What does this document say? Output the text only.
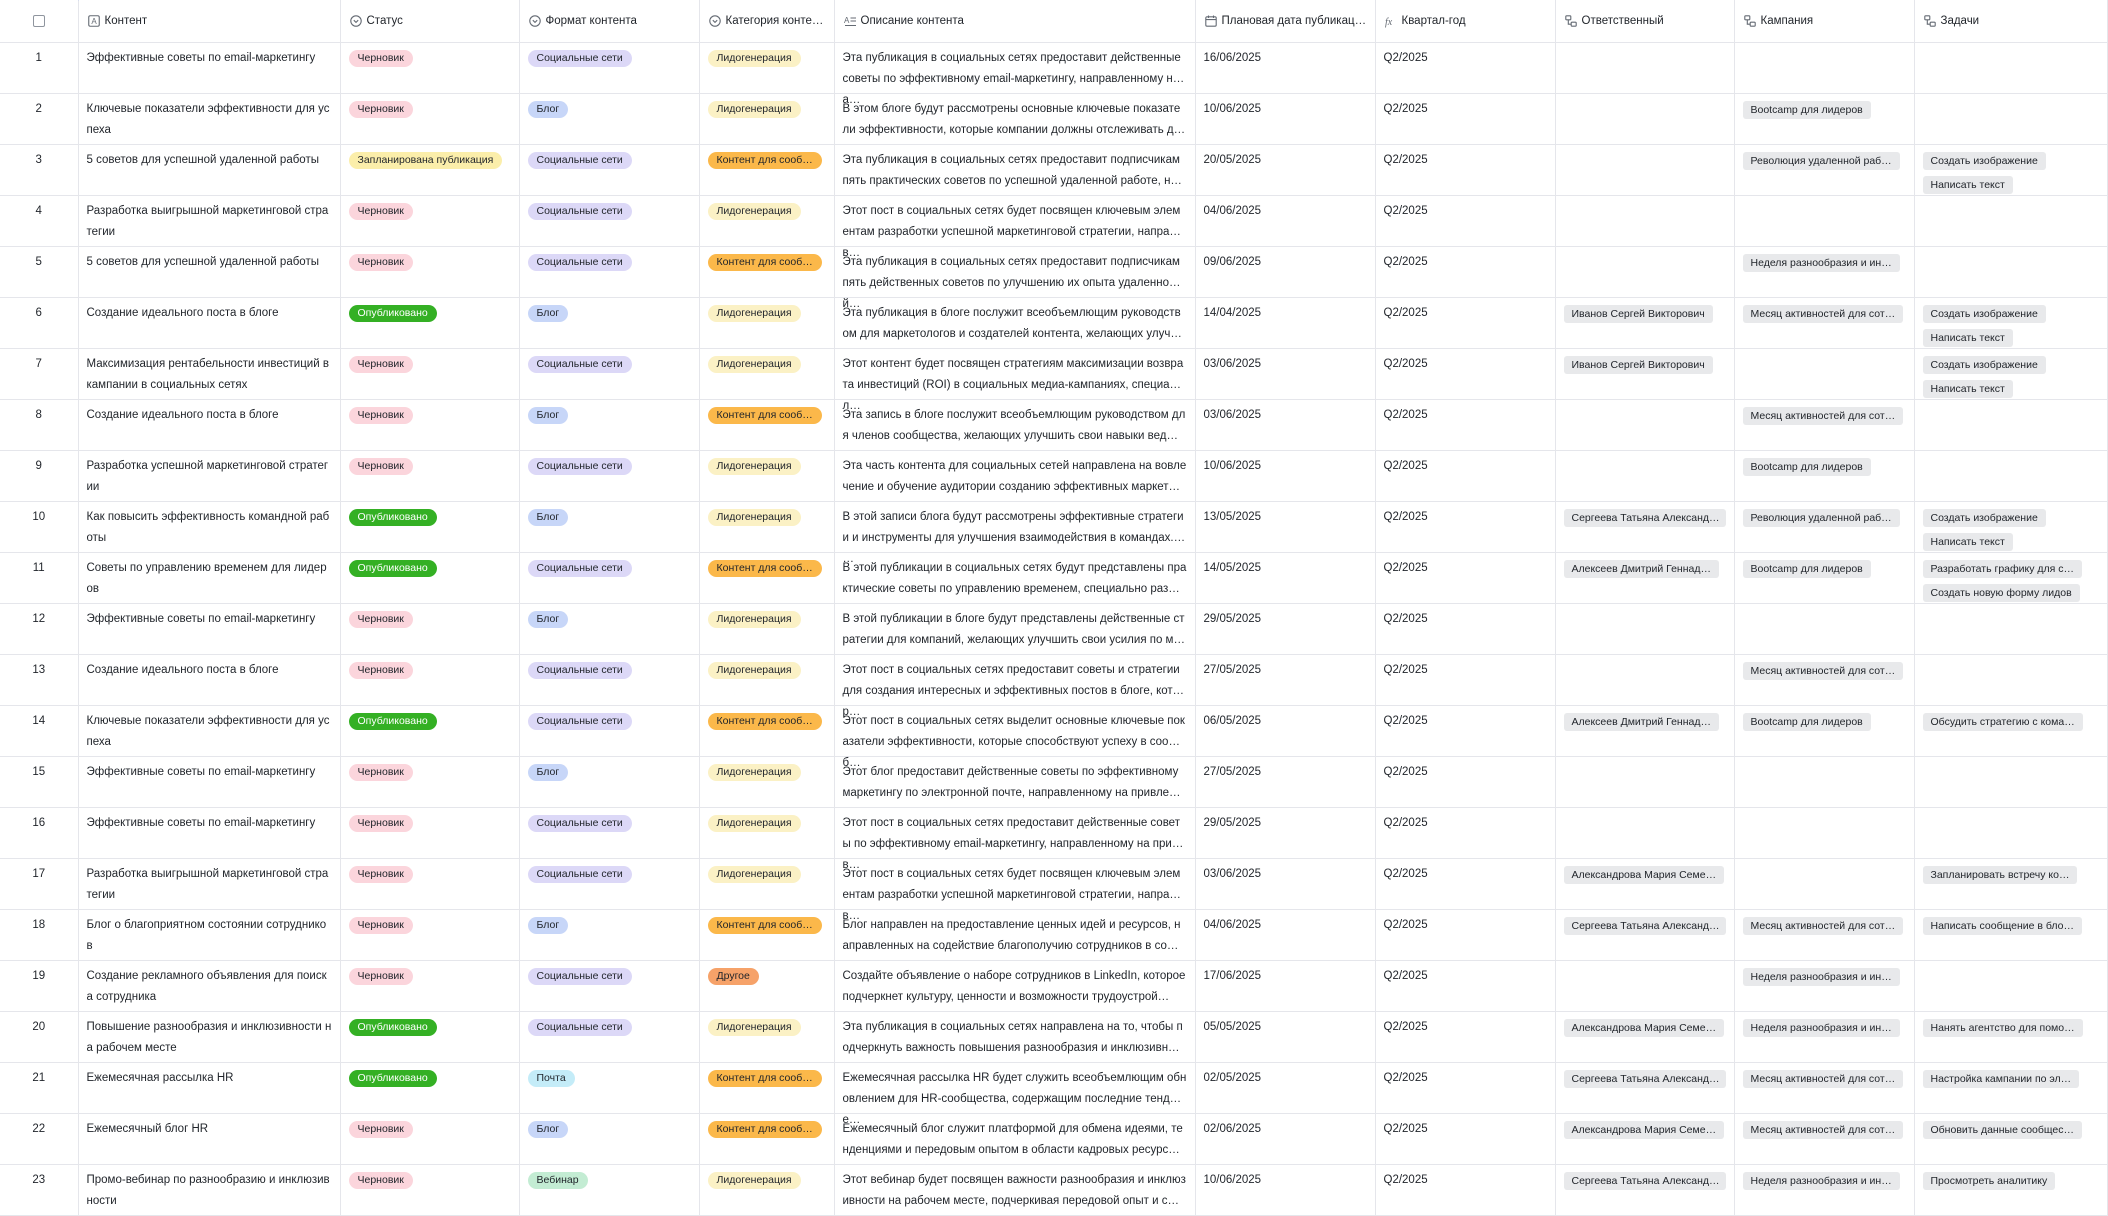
A Контент	Статус	Формат контента	Категория конте…	A Описание контента	Плановая дата публикац…	fx Квартал-год	Ответственный	Кампания	Задачи

1	Эффективные советы по email-маркетингу	Черновик	Социальные сети	Лидогенерация	Эта публикация в социальных сетях предоставит действенные советы по эффективному email-маркетингу, направленному на…	16/06/2025	Q2/2025			

2	Ключевые показатели эффективности для успеха	Черновик	Блог	Лидогенерация	В этом блоге будут рассмотрены основные ключевые показатели эффективности, которые компании должны отслеживать д…	10/06/2025	Q2/2025		Bootcamp для лидеров	

3	5 советов для успешной удаленной работы	Запланирована публикация	Социальные сети	Контент для сооб…	Эта публикация в социальных сетях предоставит подписчикам пять практических советов по успешной удаленной работе, н…	20/05/2025	Q2/2025		Революция удаленной раб…	Создать изображение
Написать текст

4	Разработка выигрышной маркетинговой стратегии	Черновик	Социальные сети	Лидогенерация	Этот пост в социальных сетях будет посвящен ключевым элементам разработки успешной маркетинговой стратегии, направ…	04/06/2025	Q2/2025			

5	5 советов для успешной удаленной работы	Черновик	Социальные сети	Контент для сооб…	Эта публикация в социальных сетях предоставит подписчикам пять действенных советов по улучшению их опыта удаленной…	09/06/2025	Q2/2025		Неделя разнообразия и ин…	

6	Создание идеального поста в блоге	Опубликовано	Блог	Лидогенерация	Эта публикация в блоге послужит всеобъемлющим руководством для маркетологов и создателей контента, желающих улуч…	14/04/2025	Q2/2025	Иванов Сергей Викторович	Месяц активностей для сот…	Создать изображение
Написать текст

7	Максимизация рентабельности инвестиций в кампании в социальных сетях	Черновик	Социальные сети	Лидогенерация	Этот контент будет посвящен стратегиям максимизации возврата инвестиций (ROI) в социальных медиа-кампаниях, специал…	03/06/2025	Q2/2025	Иванов Сергей Викторович		Создать изображение
Написать текст

8	Создание идеального поста в блоге	Черновик	Блог	Контент для сооб…	Эта запись в блоге послужит всеобъемлющим руководством для членов сообщества, желающих улучшить свои навыки вед…	03/06/2025	Q2/2025		Месяц активностей для сот…	

9	Разработка успешной маркетинговой стратегии	Черновик	Социальные сети	Лидогенерация	Эта часть контента для социальных сетей направлена на вовлечение и обучение аудитории созданию эффективных маркет…	10/06/2025	Q2/2025		Bootcamp для лидеров	

10	Как повысить эффективность командной работы	Опубликовано	Блог	Лидогенерация	В этой записи блога будут рассмотрены эффективные стратегии и инструменты для улучшения взаимодействия в командах. …	13/05/2025	Q2/2025	Сергеева Татьяна Александ…	Революция удаленной раб…	Создать изображение
Написать текст

11	Советы по управлению временем для лидеров	Опубликовано	Социальные сети	Контент для сооб…	В этой публикации в социальных сетях будут представлены практические советы по управлению временем, специально раз…	14/05/2025	Q2/2025	Алексеев Дмитрий Геннад…	Bootcamp для лидеров	Разработать графику для с…
Создать новую форму лидов

12	Эффективные советы по email-маркетингу	Черновик	Блог	Лидогенерация	В этой публикации в блоге будут представлены действенные стратегии для компаний, желающих улучшить свои усилия по м…	29/05/2025	Q2/2025			

13	Создание идеального поста в блоге	Черновик	Социальные сети	Лидогенерация	Этот пост в социальных сетях предоставит советы и стратегии для создания интересных и эффективных постов в блоге, котор…	27/05/2025	Q2/2025		Месяц активностей для сот…	

14	Ключевые показатели эффективности для успеха	Опубликовано	Социальные сети	Контент для сооб…	Этот пост в социальных сетях выделит основные ключевые показатели эффективности, которые способствуют успеху в сооб…	06/05/2025	Q2/2025	Алексеев Дмитрий Геннад…	Bootcamp для лидеров	Обсудить стратегию с кома…

15	Эффективные советы по email-маркетингу	Черновик	Блог	Лидогенерация	Этот блог предоставит действенные советы по эффективному маркетингу по электронной почте, направленному на привле…	27/05/2025	Q2/2025			

16	Эффективные советы по email-маркетингу	Черновик	Социальные сети	Лидогенерация	Этот пост в социальных сетях предоставит действенные советы по эффективному email-маркетингу, направленному на прив…	29/05/2025	Q2/2025			

17	Разработка выигрышной маркетинговой стратегии	Черновик	Социальные сети	Лидогенерация	Этот пост в социальных сетях будет посвящен ключевым элементам разработки успешной маркетинговой стратегии, направ…	03/06/2025	Q2/2025	Александрова Мария Семе…		Запланировать встречу ко…

18	Блог о благоприятном состоянии сотрудников	Черновик	Блог	Контент для сооб…	Блог направлен на предоставление ценных идей и ресурсов, направленных на содействие благополучию сотрудников в со…	04/06/2025	Q2/2025	Сергеева Татьяна Александ…	Месяц активностей для сот…	Написать сообщение в бло…

19	Создание рекламного объявления для поиска сотрудника	Черновик	Социальные сети	Другое	Создайте объявление о наборе сотрудников в LinkedIn, которое подчеркнет культуру, ценности и возможности трудоустрой…	17/06/2025	Q2/2025		Неделя разнообразия и ин…	

20	Повышение разнообразия и инклюзивности на рабочем месте	Опубликовано	Социальные сети	Лидогенерация	Эта публикация в социальных сетях направлена на то, чтобы подчеркнуть важность повышения разнообразия и инклюзивн…	05/05/2025	Q2/2025	Александрова Мария Семе…	Неделя разнообразия и ин…	Нанять агентство для помо…

21	Ежемесячная рассылка HR	Опубликовано	Почта	Контент для сооб…	Ежемесячная рассылка HR будет служить всеобъемлющим обновлением для HR-сообщества, содержащим последние тенде…	02/05/2025	Q2/2025	Сергеева Татьяна Александ…	Месяц активностей для сот…	Настройка кампании по эл…

22	Ежемесячный блог HR	Черновик	Блог	Контент для сооб…	Ежемесячный блог служит платформой для обмена идеями, тенденциями и передовым опытом в области кадровых ресурс…	02/06/2025	Q2/2025	Александрова Мария Семе…	Месяц активностей для сот…	Обновить данные сообщес…

23	Промо-вебинар по разнообразию и инклюзивности	Черновик	Вебинар	Лидогенерация	Этот вебинар будет посвящен важности разнообразия и инклюзивности на рабочем месте, подчеркивая передовой опыт и с…	10/06/2025	Q2/2025	Сергеева Татьяна Александ…	Неделя разнообразия и ин…	Просмотреть аналитику
